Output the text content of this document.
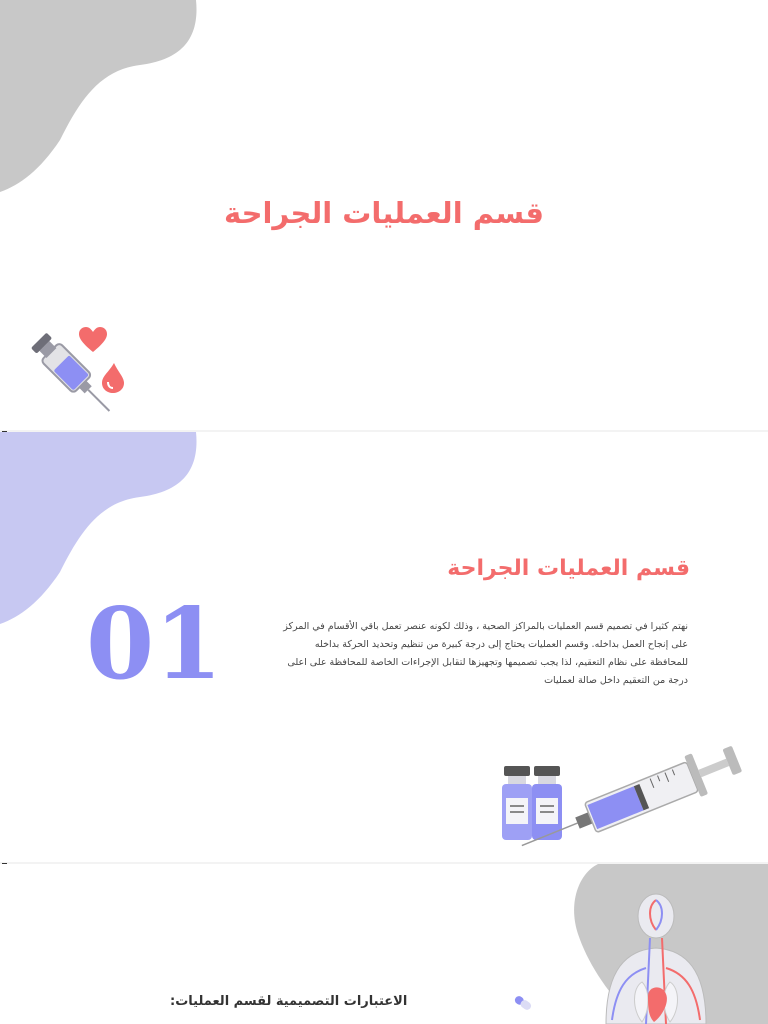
قسم العمليات الجراحة
قسم العمليات الجراحة

نهتم كثيرا في تصميم قسم العمليات بالمراكز الصحية ، وذلك لكونه عنصر تعمل باقي الأقسام في المركز على إنجاح العمل بداخله. وقسم العمليات يحتاج إلى درجة كبيرة من تنظيم وتحديد الحركة بداخله للمحافظة على نظام التعقيم، لذا يجب تصميمها وتجهيزها لتقابل الإجراءات الخاصة للمحافظة على اعلى درجة من التعقيم داخل صالة لعمليات

01
الاعتبارات التصميمية لقسم العمليات:
